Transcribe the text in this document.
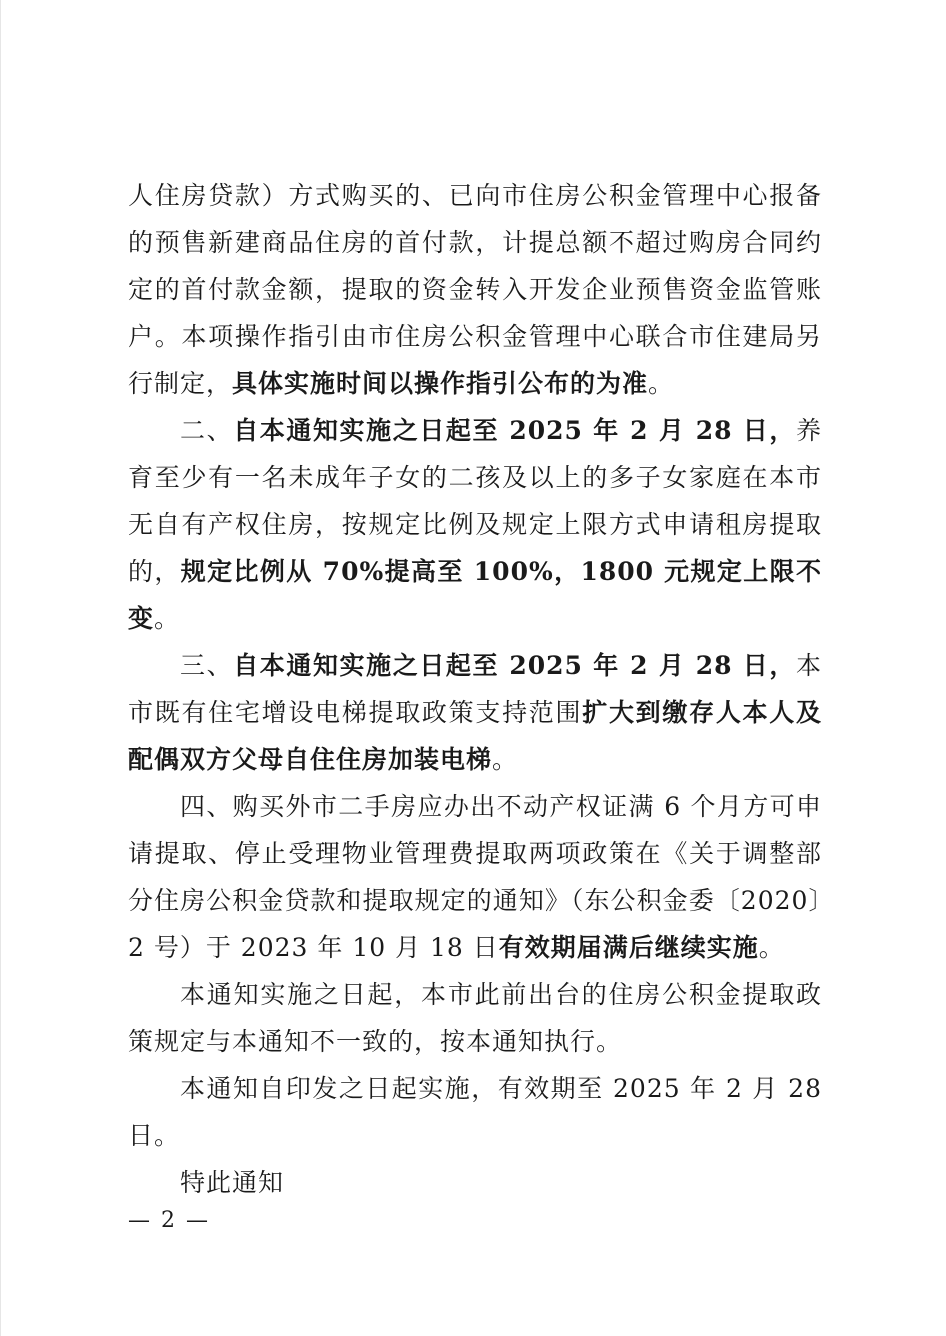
人住房贷款）方式购买的、已向市住房公积金管理中心报备的预售新建商品住房的首付款，计提总额不超过购房合同约定的首付款金额，提取的资金转入开发企业预售资金监管账户。本项操作指引由市住房公积金管理中心联合市住建局另行制定，具体实施时间以操作指引公布的为准。

二、自本通知实施之日起至 2025 年 2 月 28 日，养育至少有一名未成年子女的二孩及以上的多子女家庭在本市无自有产权住房，按规定比例及规定上限方式申请租房提取的，规定比例从 70%提高至 100%，1800 元规定上限不变。

三、自本通知实施之日起至 2025 年 2 月 28 日，本市既有住宅增设电梯提取政策支持范围扩大到缴存人本人及配偶双方父母自住住房加装电梯。

四、购买外市二手房应办出不动产权证满 6 个月方可申请提取、停止受理物业管理费提取两项政策在《关于调整部分住房公积金贷款和提取规定的通知》（东公积金委〔2020〕2 号）于 2023 年 10 月 18 日有效期届满后继续实施。

本通知实施之日起，本市此前出台的住房公积金提取政策规定与本通知不一致的，按本通知执行。

本通知自印发之日起实施，有效期至 2025 年 2 月 28 日。

特此通知

— 2 —
